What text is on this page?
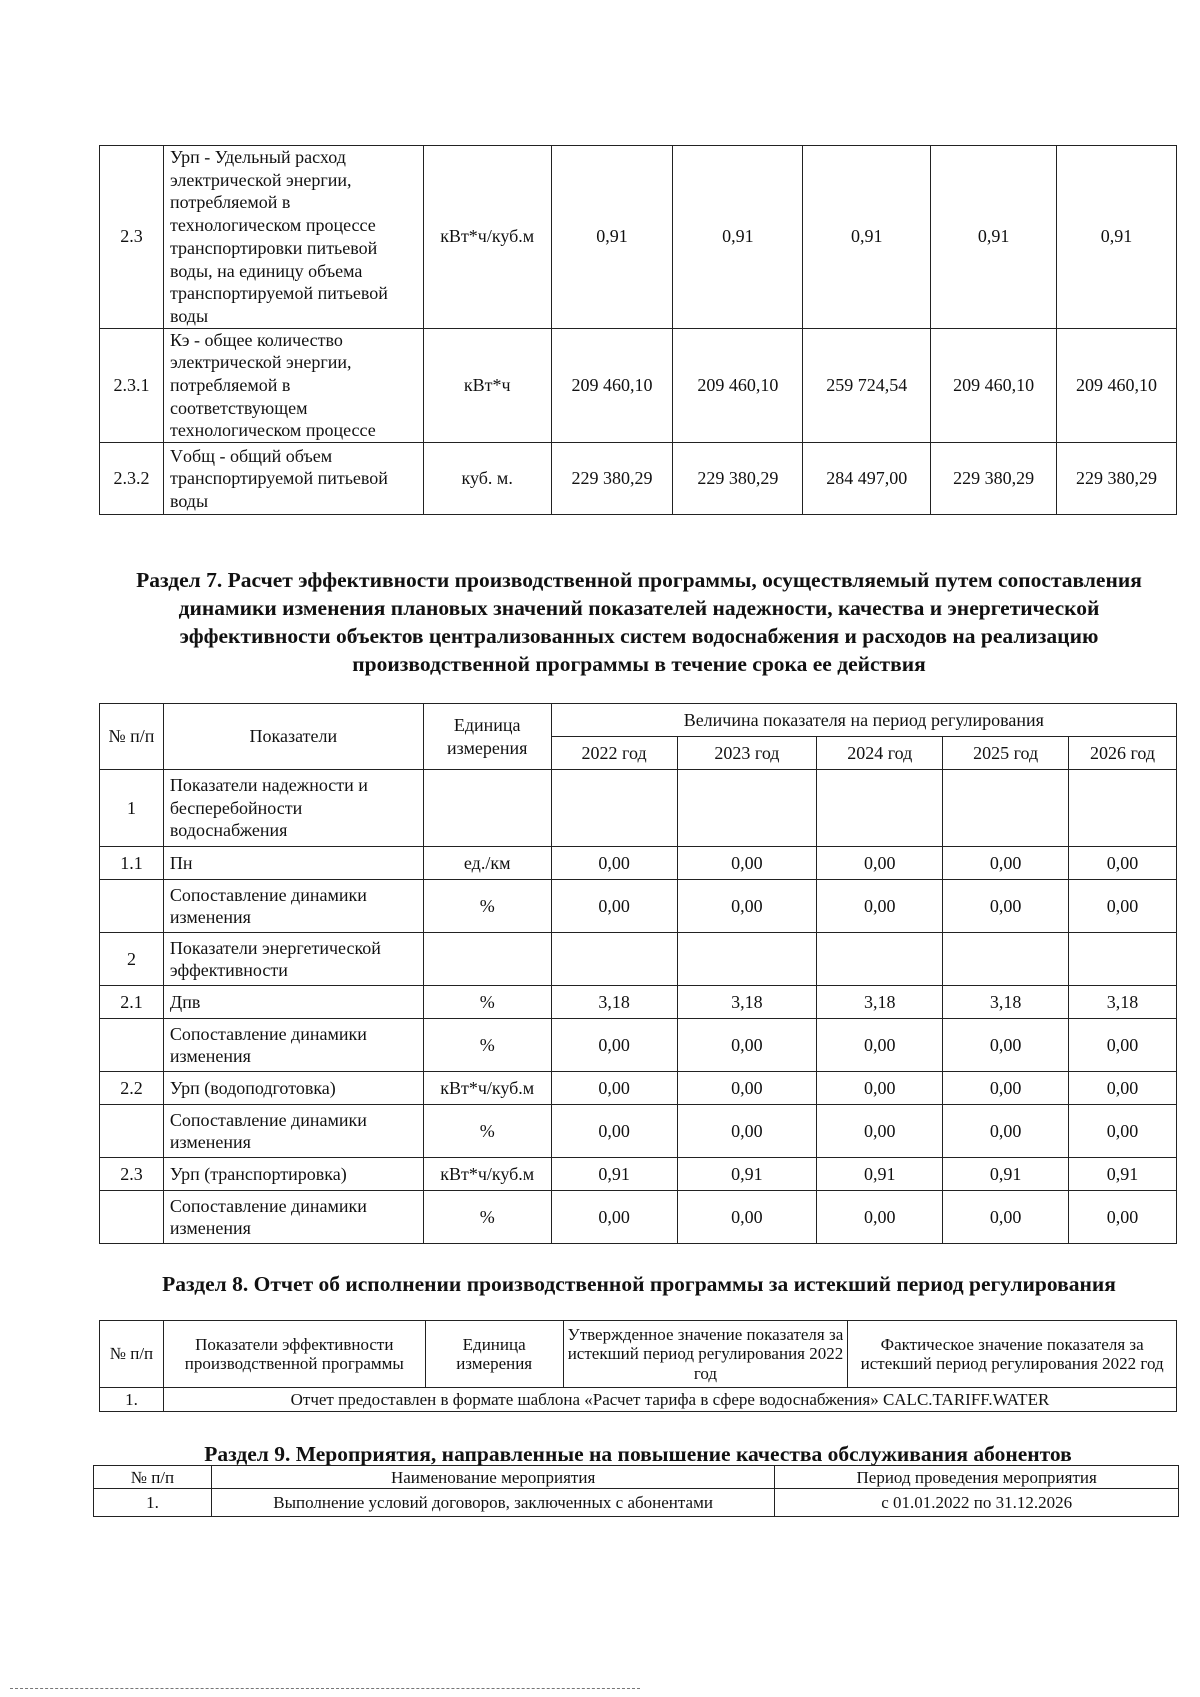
2.3	Урп - Удельный расход электрической энергии, потребляемой в технологическом процессе транспортировки питьевой воды, на единицу объема транспортируемой питьевой воды	кВт*ч/куб.м	0,91	0,91	0,91	0,91	0,91
2.3.1	Кэ - общее количество электрической энергии, потребляемой в соответствующем технологическом процессе	кВт*ч	209 460,10	209 460,10	259 724,54	209 460,10	209 460,10
2.3.2	Vобщ - общий объем транспортируемой питьевой воды	куб. м.	229 380,29	229 380,29	284 497,00	229 380,29	229 380,29
Раздел 7. Расчет эффективности производственной программы, осуществляемый путем сопоставления динамики изменения плановых значений показателей надежности, качества и энергетической эффективности объектов централизованных систем водоснабжения и расходов на реализацию производственной программы в течение срока ее действия
№ п/п	Показатели	Единица измерения	Величина показателя на период регулирования				
			2022 год	2023 год	2024 год	2025 год	2026 год
1	Показатели надежности и бесперебойности водоснабжения						
1.1	Пн	ед./км	0,00	0,00	0,00	0,00	0,00
	Сопоставление динамики изменения	%	0,00	0,00	0,00	0,00	0,00
2	Показатели энергетической эффективности						
2.1	Дпв	%	3,18	3,18	3,18	3,18	3,18
	Сопоставление динамики изменения	%	0,00	0,00	0,00	0,00	0,00
2.2	Урп (водоподготовка)	кВт*ч/куб.м	0,00	0,00	0,00	0,00	0,00
	Сопоставление динамики изменения	%	0,00	0,00	0,00	0,00	0,00
2.3	Урп (транспортировка)	кВт*ч/куб.м	0,91	0,91	0,91	0,91	0,91
	Сопоставление динамики изменения	%	0,00	0,00	0,00	0,00	0,00
Раздел 8. Отчет об исполнении производственной программы за истекший период регулирования
№ п/п	Показатели эффективности производственной программы	Единица измерения	Утвержденное значение показателя за истекший период регулирования 2022 год	Фактическое значение показателя за истекший период регулирования 2022 год
1.	Отчет предоставлен в формате шаблона «Расчет тарифа в сфере водоснабжения» CALC.TARIFF.WATER			
Раздел 9. Мероприятия, направленные на повышение качества обслуживания абонентов
№ п/п	Наименование мероприятия	Период проведения мероприятия
1.	Выполнение условий договоров, заключенных с абонентами	с 01.01.2022 по 31.12.2026
